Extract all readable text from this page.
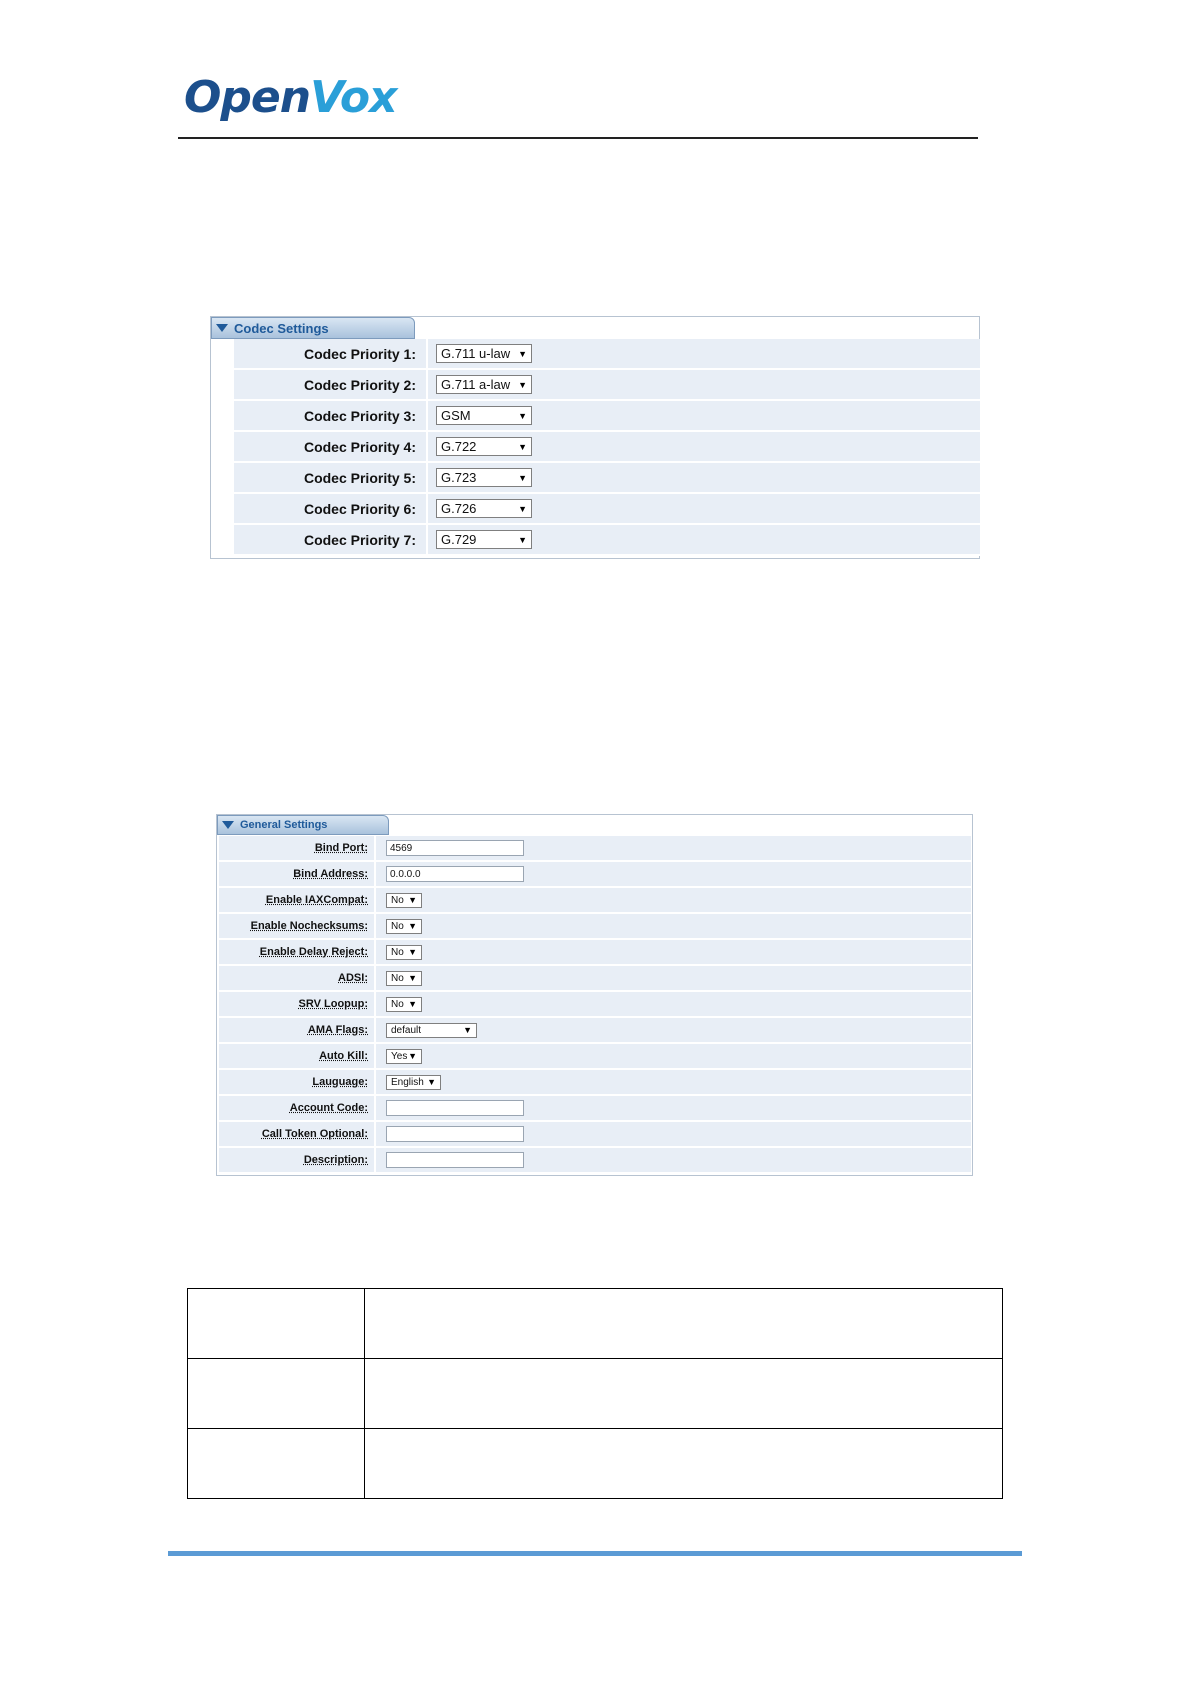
OpenVox
Codec Settings
Codec Priority 1:	G.711 u-law ▼
Codec Priority 2:	G.711 a-law ▼
Codec Priority 3:	GSM	▼
Codec Priority 4:	G.722	▼
Codec Priority 5:	G.723	▼
Codec Priority 6:	G.726	▼
Codec Priority 7:	G.729	▼
General Settings
Bind Port:	4569
Bind Address:	0.0.0.0
Enable IAXCompat:	No ▼
Enable Nochecksums:	No ▼
Enable Delay Reject:	No ▼
ADSI:	No ▼
SRV Loopup:	No ▼
AMA Flags:	default	▼
Auto Kill:	Yes ▼
Lauguage:	English ▼
Account Code:
Call Token Optional:
Description:
